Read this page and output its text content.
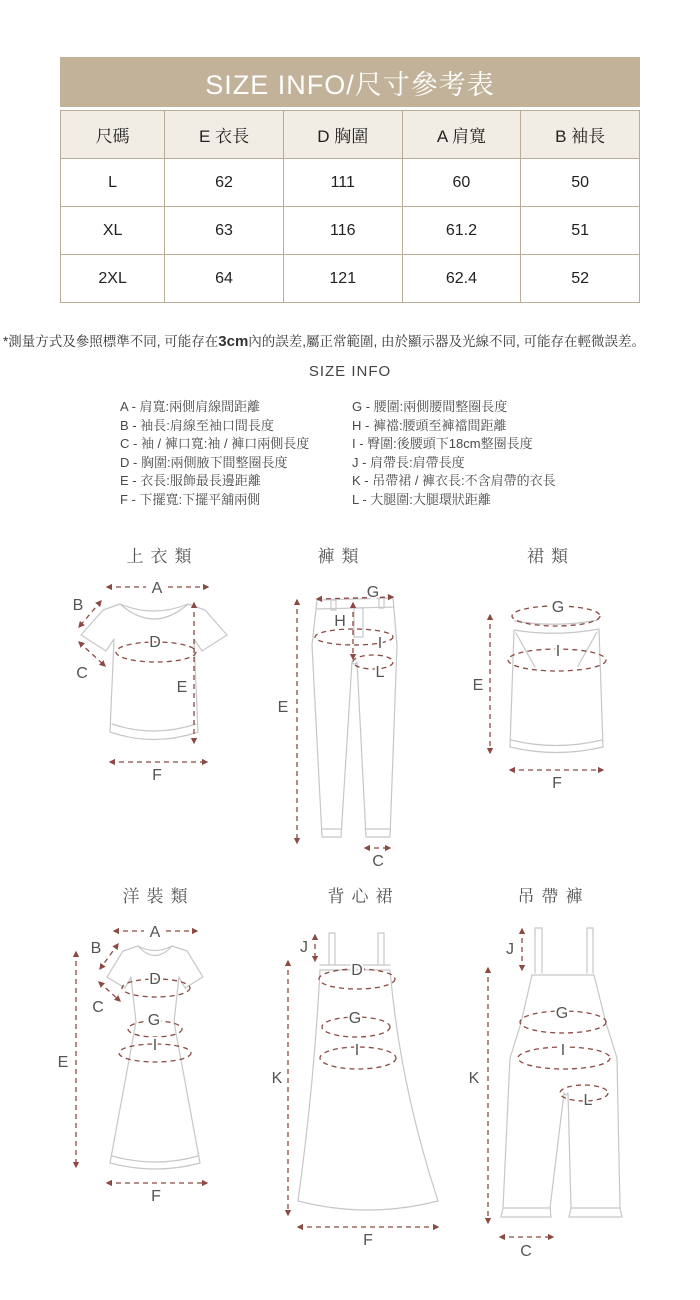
SIZE INFO/尺寸參考表
尺碼	E 衣長	D 胸圍	A 肩寬	B 袖長
L	62	111	60	50
XL	63	116	61.2	51
2XL	64	121	62.4	52
*測量方式及參照標準不同, 可能存在3cm內的誤差,屬正常範圍, 由於顯示器及光線不同, 可能存在輕微誤差。
SIZE INFO
A - 肩寬:兩側肩線間距離
B - 袖長:肩線至袖口間長度
C - 袖 / 褲口寬:袖 / 褲口兩側長度
D - 胸圍:兩側腋下間整圈長度
E - 衣長:服飾最長邊距離
F - 下擺寬:下擺平舖兩側
G - 腰圍:兩側腰間整圈長度
H - 褲襠:腰頭至褲襠間距離
I - 臀圍:後腰頭下18cm整圈長度
J - 肩帶長:肩帶長度
K - 吊帶裙 / 褲衣長:不含肩帶的衣長
L - 大腿圍:大腿環狀距離
上衣類
A
B
C
D
E
F
褲類
G
H
I
L
E
C
裙類
G
I
E
F
洋裝類
A
B
C
D
G
I
E
F
背心裙
J
D
G
I
K
F
吊帶褲
J
G
I
L
K
C
